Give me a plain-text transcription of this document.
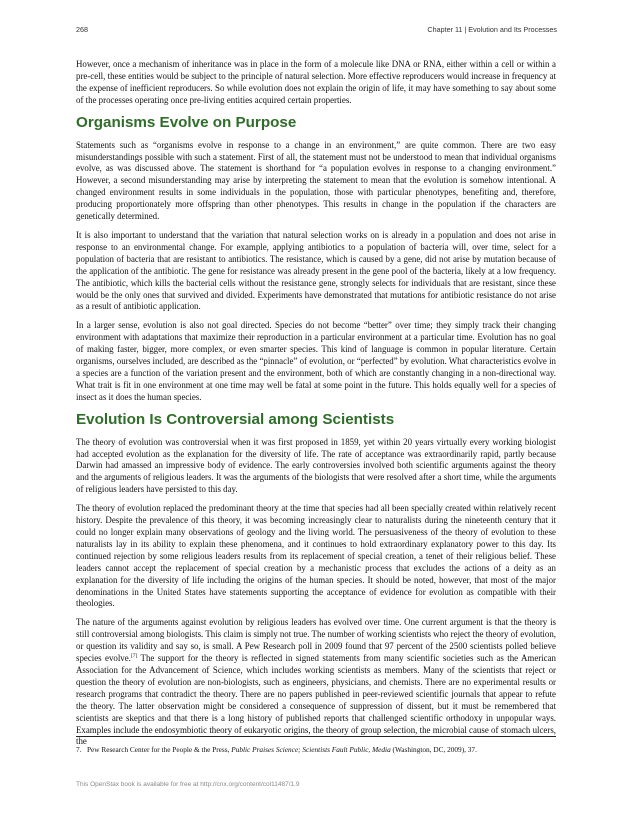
268	Chapter 11 | Evolution and Its Processes

However, once a mechanism of inheritance was in place in the form of a molecule like DNA or RNA, either within a cell or within a pre-cell, these entities would be subject to the principle of natural selection. More effective reproducers would increase in frequency at the expense of inefficient reproducers. So while evolution does not explain the origin of life, it may have something to say about some of the processes operating once pre-living entities acquired certain properties.

Organisms Evolve on Purpose

Statements such as “organisms evolve in response to a change in an environment,” are quite common. There are two easy misunderstandings possible with such a statement. First of all, the statement must not be understood to mean that individual organisms evolve, as was discussed above. The statement is shorthand for “a population evolves in response to a changing environment.” However, a second misunderstanding may arise by interpreting the statement to mean that the evolution is somehow intentional. A changed environment results in some individuals in the population, those with particular phenotypes, benefiting and, therefore, producing proportionately more offspring than other phenotypes. This results in change in the population if the characters are genetically determined.

It is also important to understand that the variation that natural selection works on is already in a population and does not arise in response to an environmental change. For example, applying antibiotics to a population of bacteria will, over time, select for a population of bacteria that are resistant to antibiotics. The resistance, which is caused by a gene, did not arise by mutation because of the application of the antibiotic. The gene for resistance was already present in the gene pool of the bacteria, likely at a low frequency. The antibiotic, which kills the bacterial cells without the resistance gene, strongly selects for individuals that are resistant, since these would be the only ones that survived and divided. Experiments have demonstrated that mutations for antibiotic resistance do not arise as a result of antibiotic application.

In a larger sense, evolution is also not goal directed. Species do not become “better” over time; they simply track their changing environment with adaptations that maximize their reproduction in a particular environment at a particular time. Evolution has no goal of making faster, bigger, more complex, or even smarter species. This kind of language is common in popular literature. Certain organisms, ourselves included, are described as the “pinnacle” of evolution, or “perfected” by evolution. What characteristics evolve in a species are a function of the variation present and the environment, both of which are constantly changing in a non-directional way. What trait is fit in one environment at one time may well be fatal at some point in the future. This holds equally well for a species of insect as it does the human species.

Evolution Is Controversial among Scientists

The theory of evolution was controversial when it was first proposed in 1859, yet within 20 years virtually every working biologist had accepted evolution as the explanation for the diversity of life. The rate of acceptance was extraordinarily rapid, partly because Darwin had amassed an impressive body of evidence. The early controversies involved both scientific arguments against the theory and the arguments of religious leaders. It was the arguments of the biologists that were resolved after a short time, while the arguments of religious leaders have persisted to this day.

The theory of evolution replaced the predominant theory at the time that species had all been specially created within relatively recent history. Despite the prevalence of this theory, it was becoming increasingly clear to naturalists during the nineteenth century that it could no longer explain many observations of geology and the living world. The persuasiveness of the theory of evolution to these naturalists lay in its ability to explain these phenomena, and it continues to hold extraordinary explanatory power to this day. Its continued rejection by some religious leaders results from its replacement of special creation, a tenet of their religious belief. These leaders cannot accept the replacement of special creation by a mechanistic process that excludes the actions of a deity as an explanation for the diversity of life including the origins of the human species. It should be noted, however, that most of the major denominations in the United States have statements supporting the acceptance of evidence for evolution as compatible with their theologies.

The nature of the arguments against evolution by religious leaders has evolved over time. One current argument is that the theory is still controversial among biologists. This claim is simply not true. The number of working scientists who reject the theory of evolution, or question its validity and say so, is small. A Pew Research poll in 2009 found that 97 percent of the 2500 scientists polled believe species evolve.[7] The support for the theory is reflected in signed statements from many scientific societies such as the American Association for the Advancement of Science, which includes working scientists as members. Many of the scientists that reject or question the theory of evolution are non-biologists, such as engineers, physicians, and chemists. There are no experimental results or research programs that contradict the theory. There are no papers published in peer-reviewed scientific journals that appear to refute the theory. The latter observation might be considered a consequence of suppression of dissent, but it must be remembered that scientists are skeptics and that there is a long history of published reports that challenged scientific orthodoxy in unpopular ways. Examples include the endosymbiotic theory of eukaryotic origins, the theory of group selection, the microbial cause of stomach ulcers, the

7. Pew Research Center for the People & the Press, Public Praises Science; Scientists Fault Public, Media (Washington, DC, 2009), 37.
This OpenStax book is available for free at http://cnx.org/content/col11487/1.9
